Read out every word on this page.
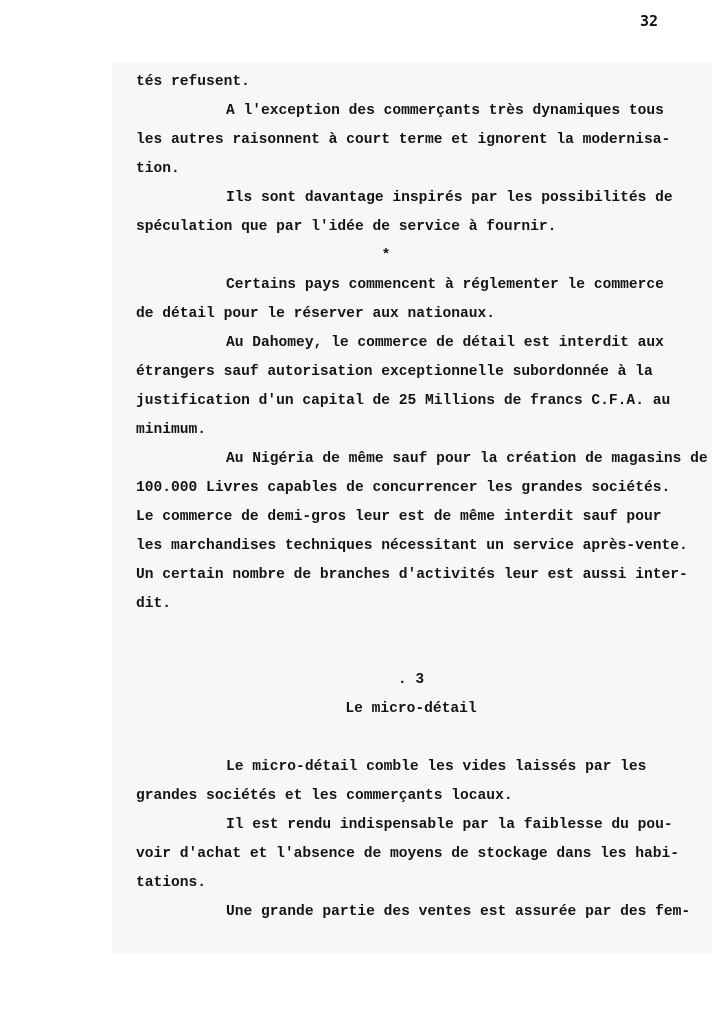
32
tés refusent.
A l'exception des commerçants très dynamiques tous
les autres raisonnent à court terme et ignorent la modernisa-
tion.
Ils sont davantage inspirés par les possibilités de
spéculation que par l'idée de service à fournir.
*
Certains pays commencent à réglementer le commerce
de détail pour le réserver aux nationaux.
Au Dahomey, le commerce de détail est interdit aux
étrangers sauf autorisation exceptionnelle subordonnée à la
justification d'un capital de 25 Millions de francs C.F.A. au
minimum.
Au Nigéria de même sauf pour la création de magasins de
100.000 Livres capables de concurrencer les grandes sociétés.
Le commerce de demi-gros leur est de même interdit sauf pour
les marchandises techniques nécessitant un service après-vente.
Un certain nombre de branches d'activités leur est aussi inter-
dit.
. 3
Le micro-détail
Le micro-détail comble les vides laissés par les
grandes sociétés et les commerçants locaux.
Il est rendu indispensable par la faiblesse du pou-
voir d'achat et l'absence de moyens de stockage dans les habi-
tations.
Une grande partie des ventes est assurée par des fem-
